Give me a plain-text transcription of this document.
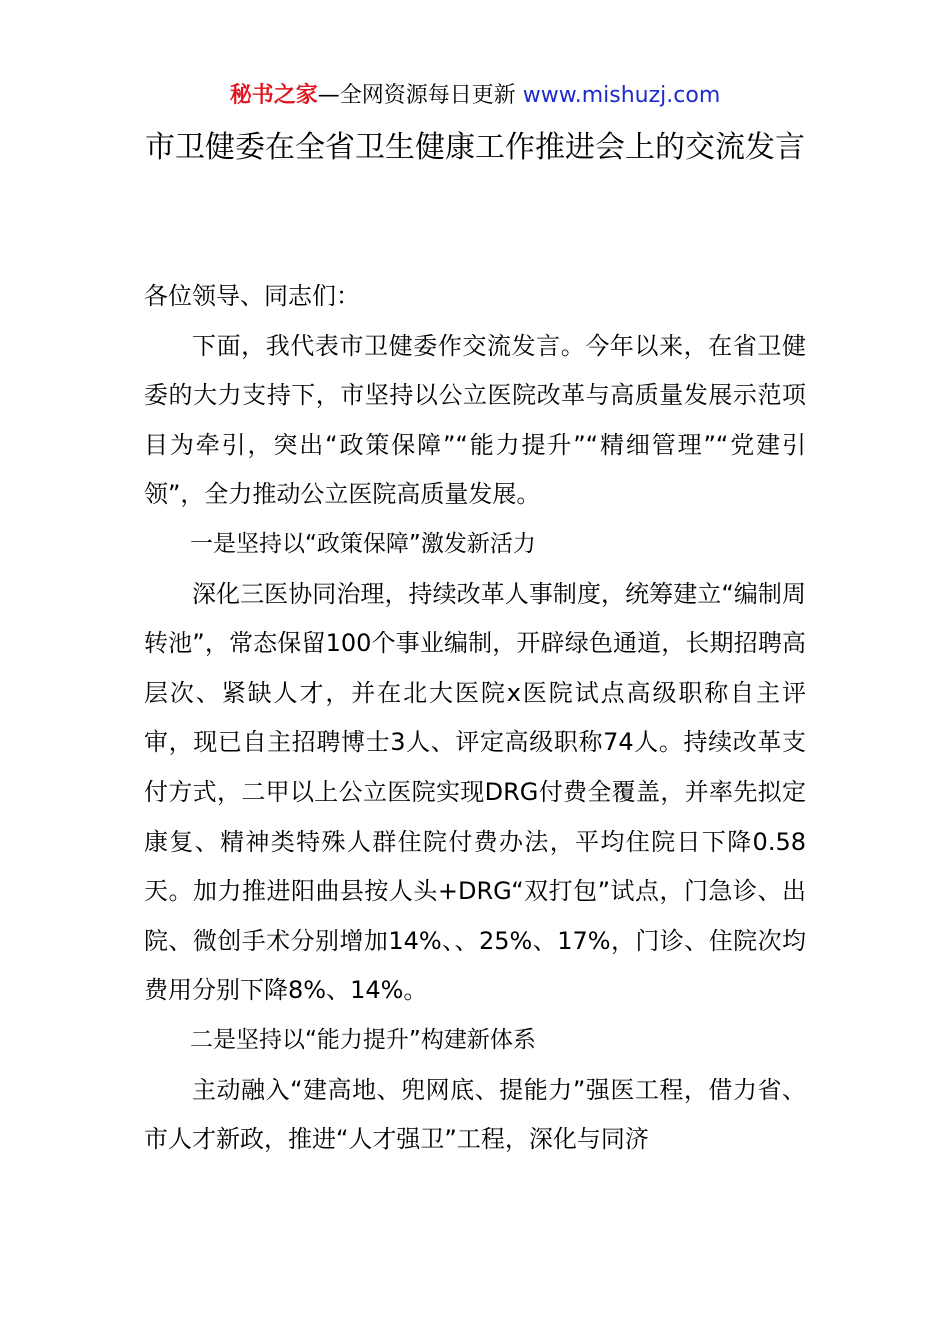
秘书之家—全网资源每日更新 www.mishuzj.com
市卫健委在全省卫生健康工作推进会上的交流发言

各位领导、同志们：

下面，我代表市卫健委作交流发言。今年以来，在省卫健委的大力支持下，市坚持以公立医院改革与高质量发展示范项目为牵引，突出“政策保障”“能力提升”“精细管理”“党建引领”，全力推动公立医院高质量发展。

一是坚持以“政策保障”激发新活力

深化三医协同治理，持续改革人事制度，统筹建立“编制周转池”，常态保留100个事业编制，开辟绿色通道，长期招聘高层次、紧缺人才，并在北大医院x医院试点高级职称自主评审，现已自主招聘博士3人、评定高级职称74人。持续改革支付方式，二甲以上公立医院实现DRG付费全覆盖，并率先拟定康复、精神类特殊人群住院付费办法，平均住院日下降0.58天。加力推进阳曲县按人头+DRG“双打包”试点，门急诊、出院、微创手术分别增加14%、、25%、17%，门诊、住院次均费用分别下降8%、14%。

二是坚持以“能力提升”构建新体系

主动融入“建高地、兜网底、提能力”强医工程，借力省、市人才新政，推进“人才强卫”工程，深化与同济
